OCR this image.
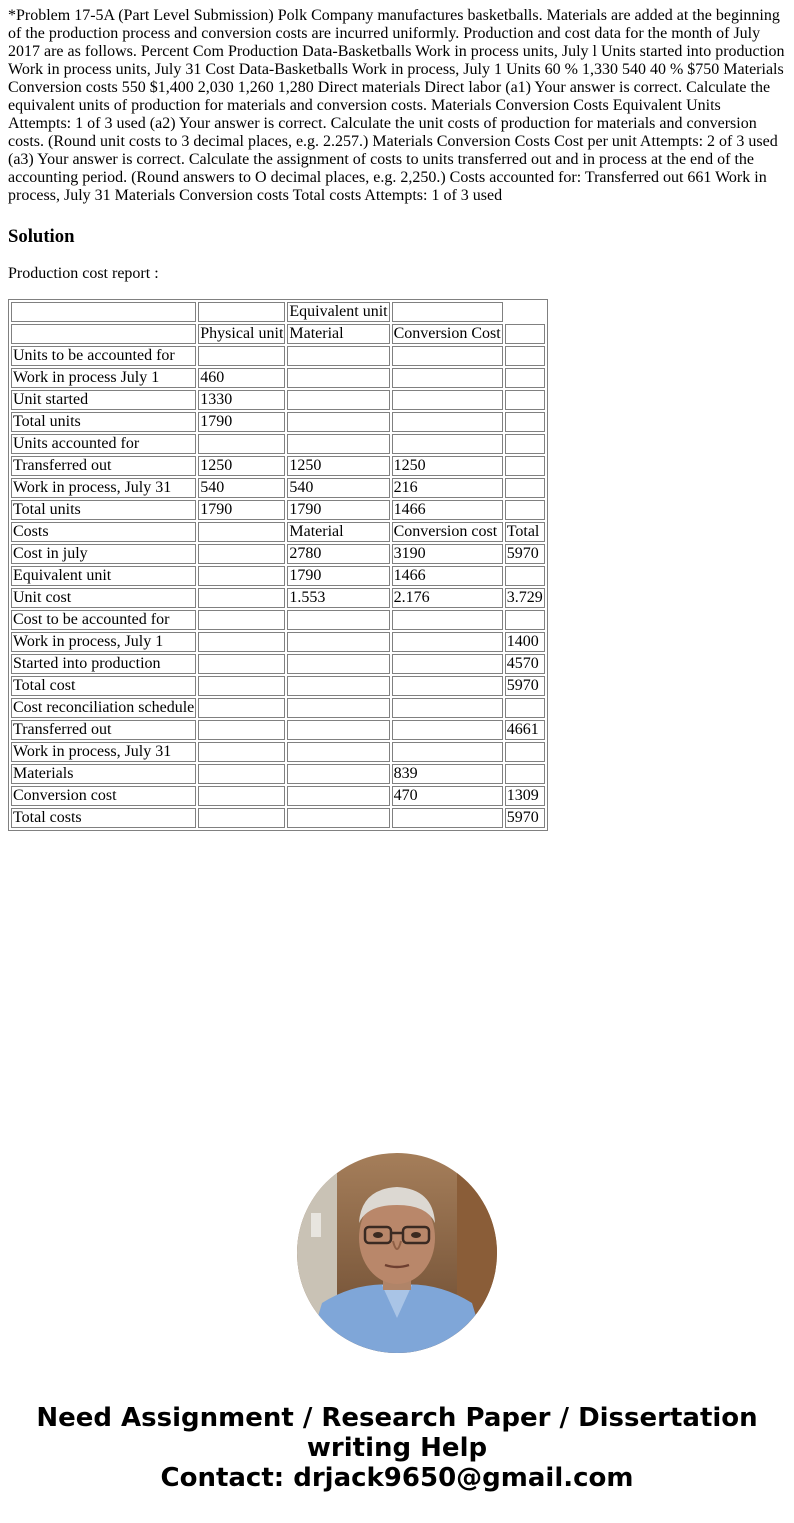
*Problem 17-5A (Part Level Submission) Polk Company manufactures basketballs. Materials are added at the beginning of the production process and conversion costs are incurred uniformly. Production and cost data for the month of July 2017 are as follows. Percent Com Production Data-Basketballs Work in process units, July l Units started into production Work in process units, July 31 Cost Data-Basketballs Work in process, July 1 Units 60 % 1,330 540 40 % $750 Materials Conversion costs 550 $1,400 2,030 1,260 1,280 Direct materials Direct labor (a1) Your answer is correct. Calculate the equivalent units of production for materials and conversion costs. Materials Conversion Costs Equivalent Units Attempts: 1 of 3 used (a2) Your answer is correct. Calculate the unit costs of production for materials and conversion costs. (Round unit costs to 3 decimal places, e.g. 2.257.) Materials Conversion Costs Cost per unit Attempts: 2 of 3 used (a3) Your answer is correct. Calculate the assignment of costs to units transferred out and in process at the end of the accounting period. (Round answers to O decimal places, e.g. 2,250.) Costs accounted for: Transferred out 661 Work in process, July 31 Materials Conversion costs Total costs Attempts: 1 of 3 used

Solution

Production cost report :

		Equivalent unit		
	Physical unit	Material	Conversion Cost	
Units to be accounted for				
Work in process July 1	460			
Unit started	1330			
Total units	1790			
Units accounted for				
Transferred out	1250	1250	1250	
Work in process, July 31	540	540	216	
Total units	1790	1790	1466	
Costs		Material	Conversion cost	Total
Cost in july		2780	3190	5970
Equivalent unit		1790	1466	
Unit cost		1.553	2.176	3.729
Cost to be accounted for				
Work in process, July 1				1400
Started into production				4570
Total cost				5970
Cost reconciliation schedule				
Transferred out				4661
Work in process, July 31				
Materials			839	
Conversion cost			470	1309
Total costs				5970
Need Assignment / Research Paper / Dissertation
writing Help
Contact: drjack9650@gmail.com
